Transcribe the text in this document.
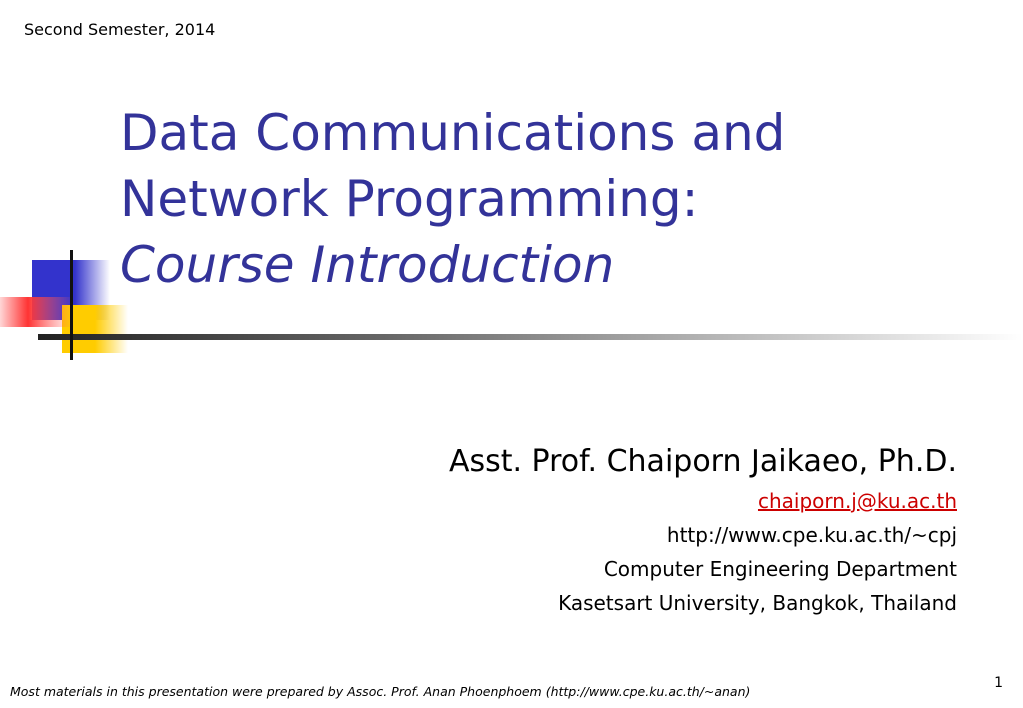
Second Semester, 2014
Data Communications and
Network Programming:
Course Introduction
Asst. Prof. Chaiporn Jaikaeo, Ph.D.
chaiporn.j@ku.ac.th
http://www.cpe.ku.ac.th/~cpj
Computer Engineering Department
Kasetsart University, Bangkok, Thailand
Most materials in this presentation were prepared by Assoc. Prof. Anan Phoenphoem (http://www.cpe.ku.ac.th/~anan)
1
